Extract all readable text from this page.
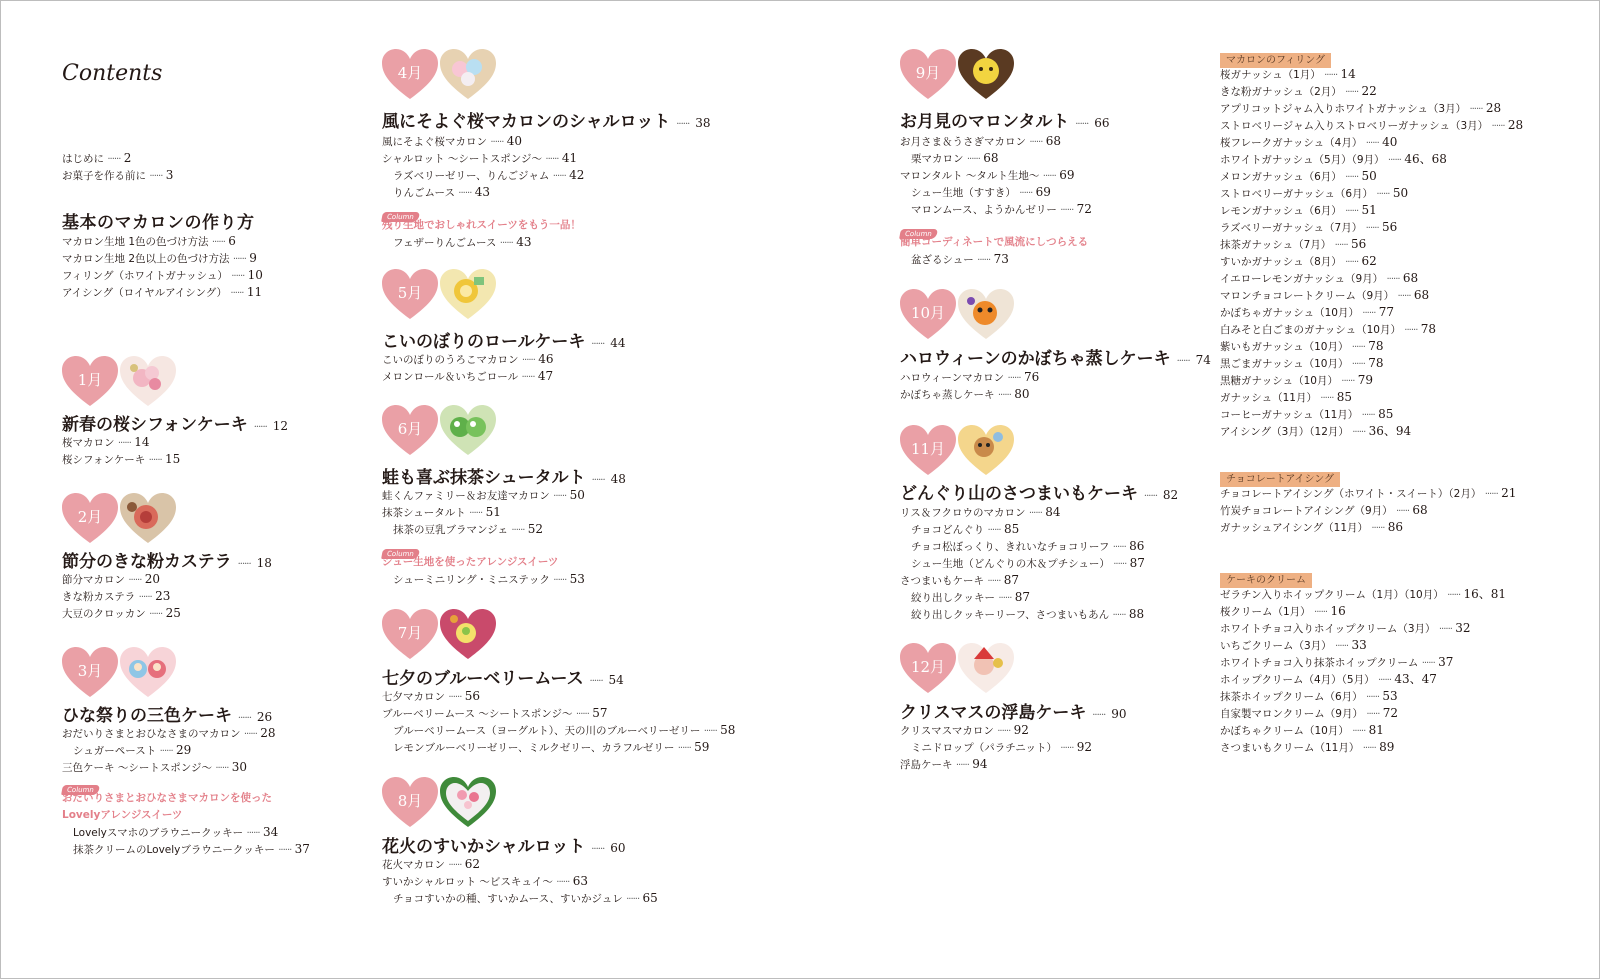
Contents
はじめに ······ 2
お菓子を作る前に ······ 3
基本のマカロンの作り方
マカロン生地 1色の色づけ方法 ······ 6
マカロン生地 2色以上の色づけ方法 ······ 9
フィリング（ホワイトガナッシュ） ······ 10
アイシング（ロイヤルアイシング） ······ 11
1月
新春の桜シフォンケーキ ······ 12
桜マカロン ······ 14
桜シフォンケーキ ······ 15
2月
節分のきな粉カステラ ······ 18
節分マカロン ······ 20
きな粉カステラ ······ 23
大豆のクロッカン ······ 25
3月
ひな祭りの三色ケーキ ······ 26
おだいりさまとおひなさまのマカロン ······ 28
シュガーペースト ······ 29
三色ケーキ 〜シートスポンジ〜 ······ 30
Column
おだいりさまとおひなさまマカロンを使った
Lovelyアレンジスイーツ
Lovelyスマホのブラウニークッキー ······ 34
抹茶クリームのLovelyブラウニークッキー ······ 37
4月
風にそよぐ桜マカロンのシャルロット ······ 38
風にそよぐ桜マカロン ······ 40
シャルロット 〜シートスポンジ〜 ······ 41
ラズベリーゼリー、りんごジャム ······ 42
りんごムース ······ 43
Column
残り生地でおしゃれスイーツをもう一品！
フェザーりんごムース ······ 43
5月
こいのぼりのロールケーキ ······ 44
こいのぼりのうろこマカロン ······ 46
メロンロール＆いちごロール ······ 47
6月
蛙も喜ぶ抹茶シュータルト ······ 48
蛙くんファミリー＆お友達マカロン ······ 50
抹茶シュータルト ······ 51
抹茶の豆乳ブラマンジェ ······ 52
Column
シュー生地を使ったアレンジスイーツ
シューミニリング・ミニステック ······ 53
7月
七夕のブルーベリームース ······ 54
七夕マカロン ······ 56
ブルーベリームース 〜シートスポンジ〜 ······ 57
ブルーベリームース（ヨーグルト）、天の川のブルーベリーゼリー ······ 58
レモンブルーベリーゼリー、ミルクゼリー、カラフルゼリー ······ 59
8月
花火のすいかシャルロット ······ 60
花火マカロン ······ 62
すいかシャルロット 〜ビスキュイ〜 ······ 63
チョコすいかの種、すいかムース、すいかジュレ ······ 65
9月
お月見のマロンタルト ······ 66
お月さま＆うさぎマカロン ······ 68
栗マカロン ······ 68
マロンタルト 〜タルト生地〜 ······ 69
シュー生地（すすき） ······ 69
マロンムース、ようかんゼリー ······ 72
Column
簡単コーディネートで風流にしつらえる
盆ざるシュー ······ 73
10月
ハロウィーンのかぼちゃ蒸しケーキ ······ 74
ハロウィーンマカロン ······ 76
かぼちゃ蒸しケーキ ······ 80
11月
どんぐり山のさつまいもケーキ ······ 82
リス＆フクロウのマカロン ······ 84
チョコどんぐり ······ 85
チョコ松ぼっくり、きれいなチョコリーフ ······ 86
シュー生地（どんぐりの木＆プチシュー） ······ 87
さつまいもケーキ ······ 87
絞り出しクッキー ······ 87
絞り出しクッキーリーフ、さつまいもあん ······ 88
12月
クリスマスの浮島ケーキ ······ 90
クリスマスマカロン ······ 92
ミニドロップ（パラチニット） ······ 92
浮島ケーキ ······ 94
マカロンのフィリング
桜ガナッシュ（1月） ······ 14
きな粉ガナッシュ（2月） ······ 22
アプリコットジャム入りホワイトガナッシュ（3月） ······ 28
ストロベリージャム入りストロベリーガナッシュ（3月） ······ 28
桜フレークガナッシュ（4月） ······ 40
ホワイトガナッシュ（5月）（9月） ······ 46、68
メロンガナッシュ（6月） ······ 50
ストロベリーガナッシュ（6月） ······ 50
レモンガナッシュ（6月） ······ 51
ラズベリーガナッシュ（7月） ······ 56
抹茶ガナッシュ（7月） ······ 56
すいかガナッシュ（8月） ······ 62
イエローレモンガナッシュ（9月） ······ 68
マロンチョコレートクリーム（9月） ······ 68
かぼちゃガナッシュ（10月） ······ 77
白みそと白ごまのガナッシュ（10月） ······ 78
紫いもガナッシュ（10月） ······ 78
黒ごまガナッシュ（10月） ······ 78
黒糖ガナッシュ（10月） ······ 79
ガナッシュ（11月） ······ 85
コーヒーガナッシュ（11月） ······ 85
アイシング（3月）（12月） ······ 36、94
チョコレートアイシング
チョコレートアイシング（ホワイト・スイート）（2月） ······ 21
竹炭チョコレートアイシング（9月） ······ 68
ガナッシュアイシング（11月） ······ 86
ケーキのクリーム
ゼラチン入りホイップクリーム（1月）（10月） ······ 16、81
桜クリーム（1月） ······ 16
ホワイトチョコ入りホイップクリーム（3月） ······ 32
いちごクリーム（3月） ······ 33
ホワイトチョコ入り抹茶ホイップクリーム ······ 37
ホイップクリーム（4月）（5月） ······ 43、47
抹茶ホイップクリーム（6月） ······ 53
自家製マロンクリーム（9月） ······ 72
かぼちゃクリーム（10月） ······ 81
さつまいもクリーム（11月） ······ 89
